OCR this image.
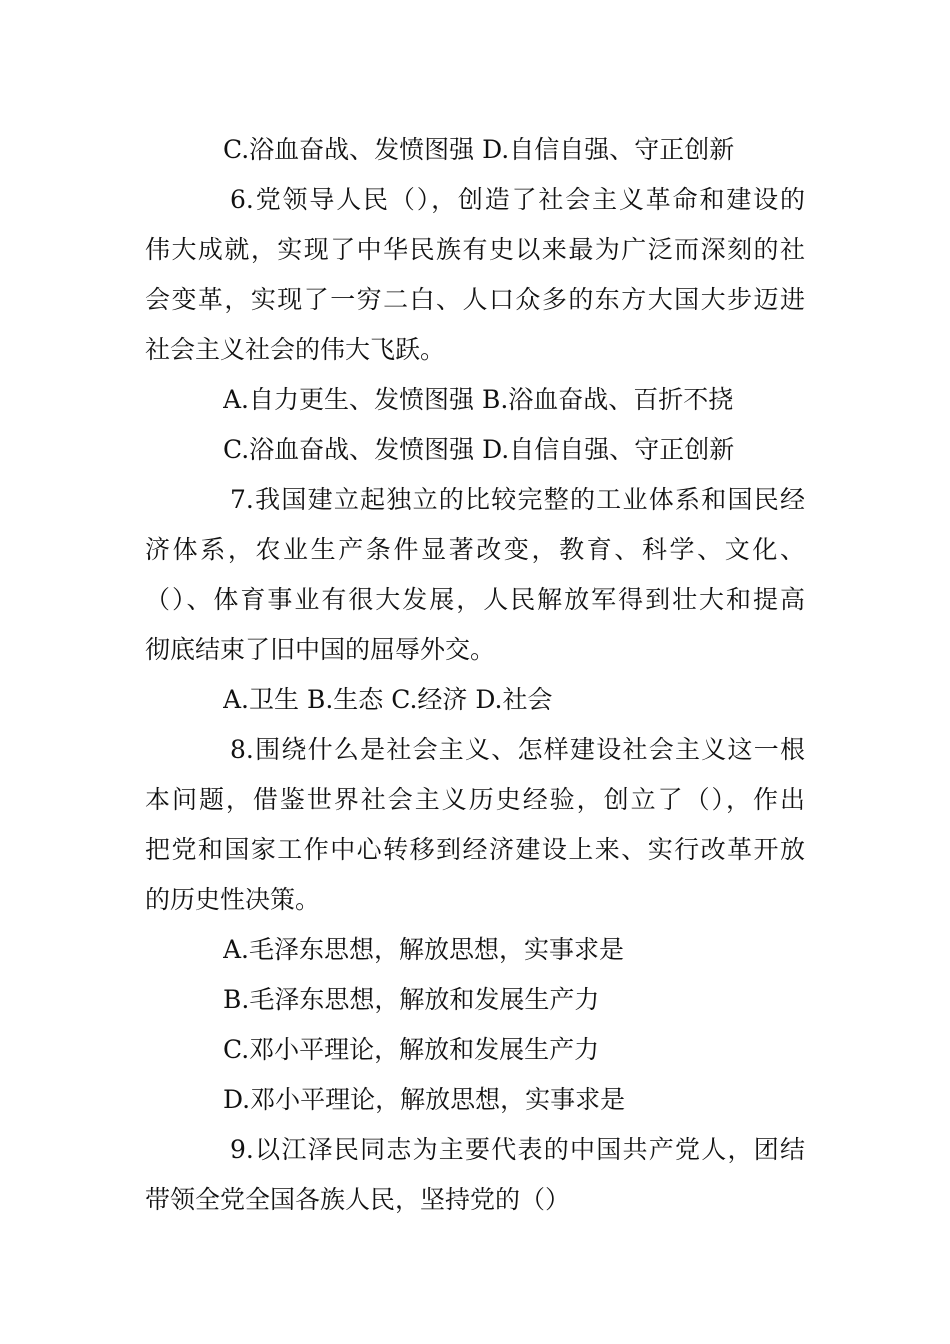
C.浴血奋战、发愤图强 D.自信自强、守正创新
6.党领导人民（），创造了社会主义革命和建设的
伟大成就，实现了中华民族有史以来最为广泛而深刻的社
会变革，实现了一穷二白、人口众多的东方大国大步迈进
社会主义社会的伟大飞跃。
A.自力更生、发愤图强 B.浴血奋战、百折不挠
C.浴血奋战、发愤图强 D.自信自强、守正创新
7.我国建立起独立的比较完整的工业体系和国民经
济体系，农业生产条件显著改变，教育、科学、文化、
（）、体育事业有很大发展，人民解放军得到壮大和提高
彻底结束了旧中国的屈辱外交。
A.卫生 B.生态 C.经济 D.社会
8.围绕什么是社会主义、怎样建设社会主义这一根
本问题，借鉴世界社会主义历史经验，创立了（），作出
把党和国家工作中心转移到经济建设上来、实行改革开放
的历史性决策。
A.毛泽东思想，解放思想，实事求是
B.毛泽东思想，解放和发展生产力
C.邓小平理论，解放和发展生产力
D.邓小平理论，解放思想，实事求是
9.以江泽民同志为主要代表的中国共产党人，团结
带领全党全国各族人民，坚持党的（）
